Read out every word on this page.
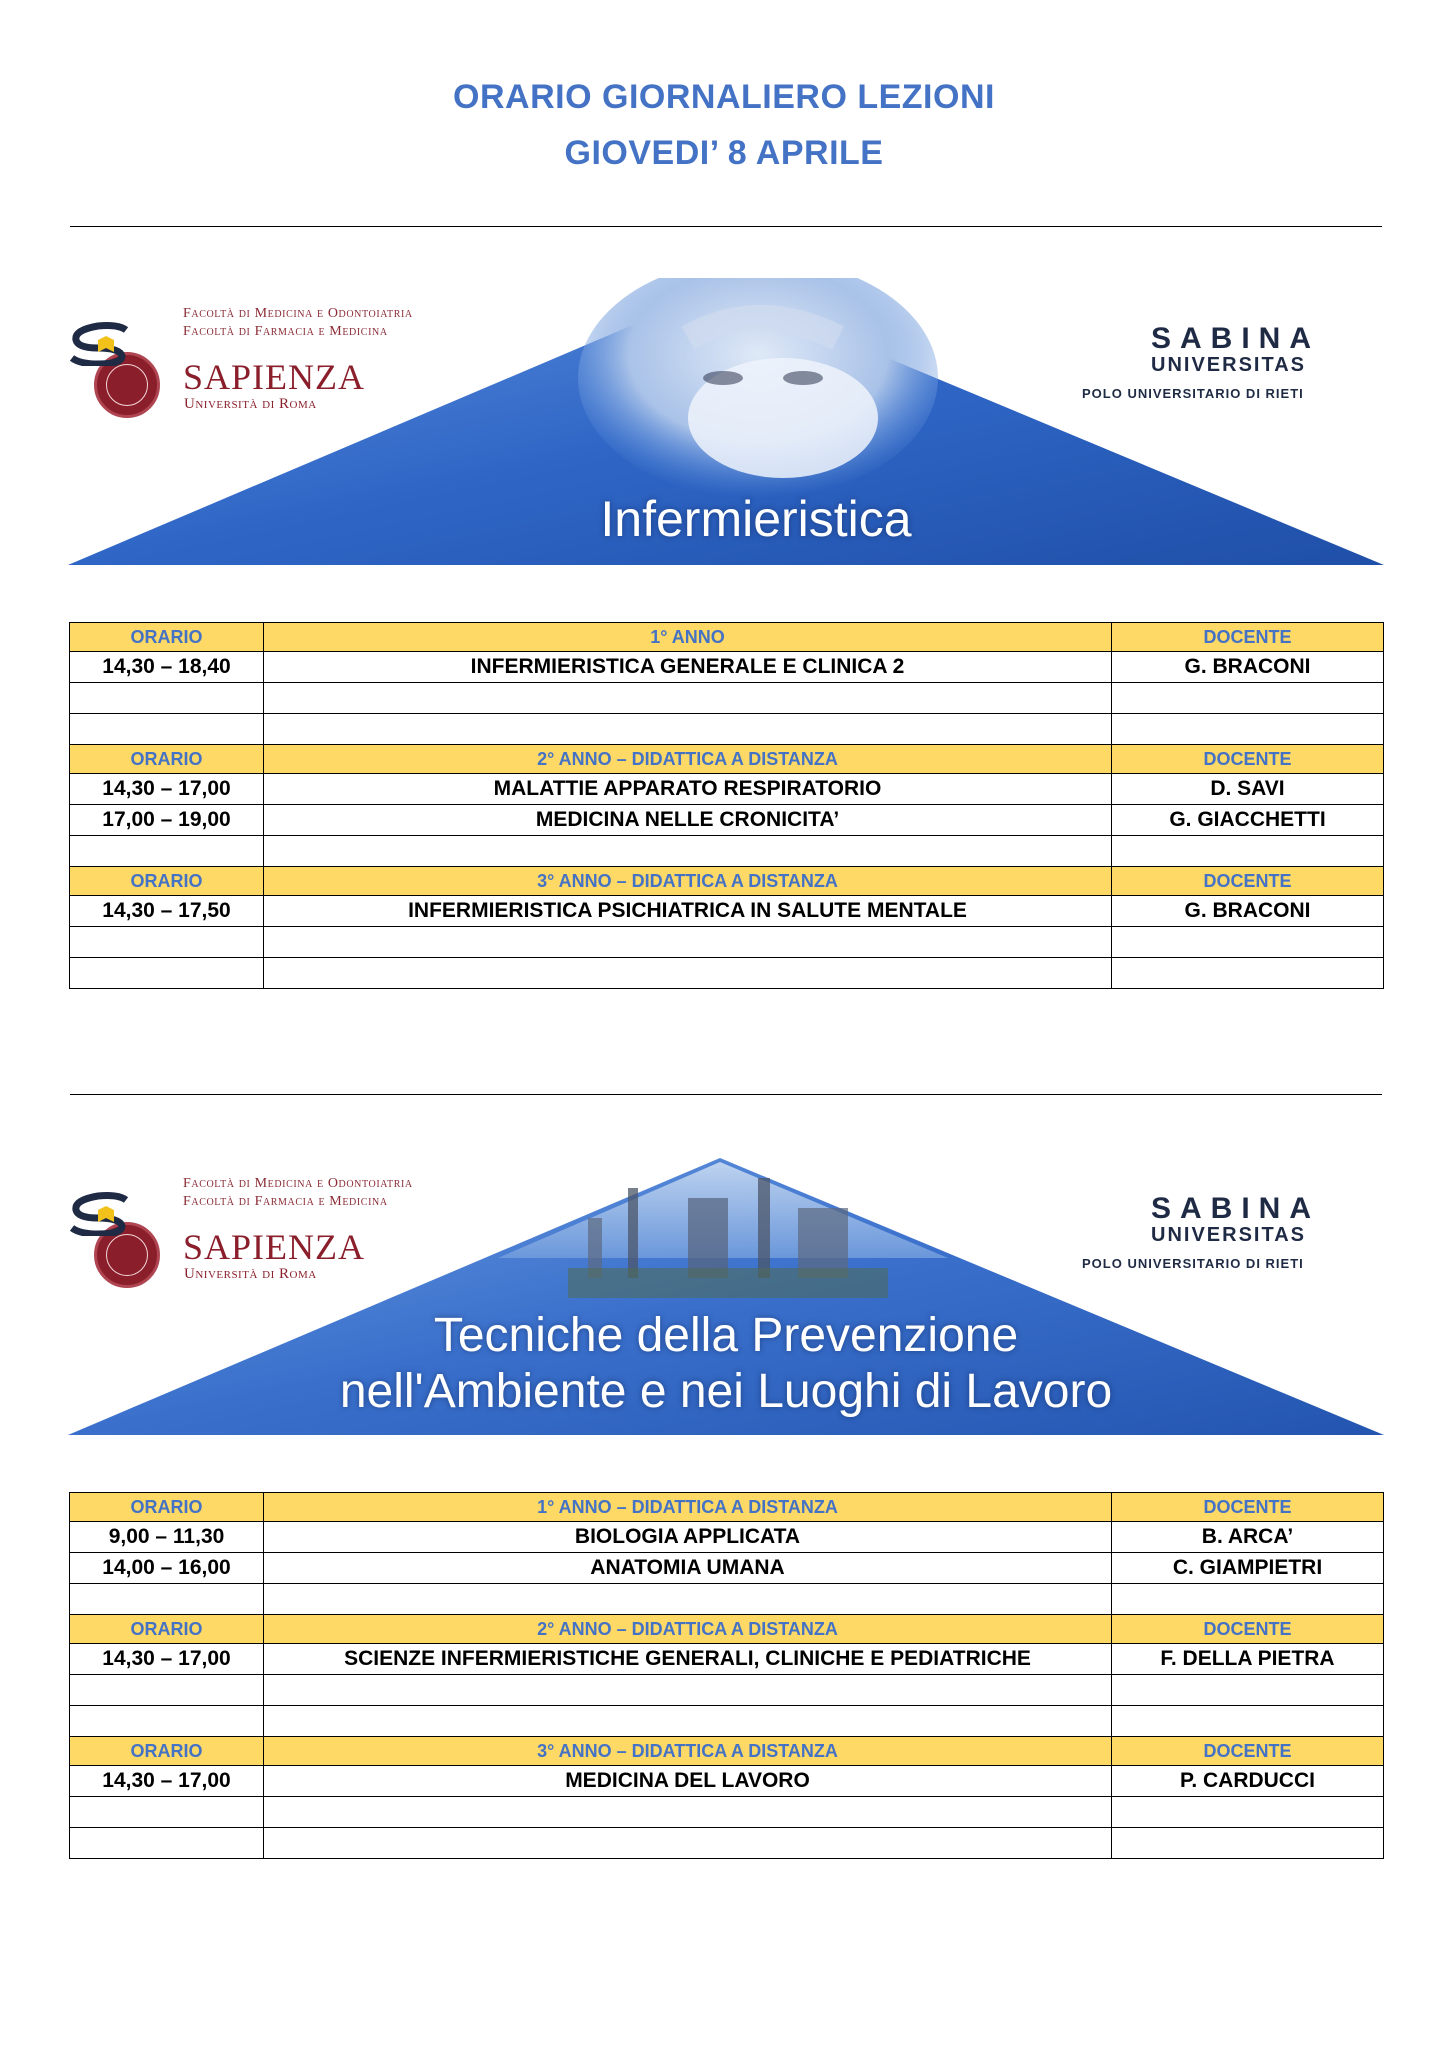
ORARIO GIORNALIERO LEZIONI
GIOVEDI’ 8 APRILE
Facoltà di Medicina e Odontoiatria
Facoltà di Farmacia e Medicina
SAPIENZA
Università di Roma
SABINA
UNIVERSITAS
POLO UNIVERSITARIO DI RIETI
Infermieristica
ORARIO	1° ANNO	DOCENTE
14,30 – 18,40	INFERMIERISTICA GENERALE E CLINICA 2	G. BRACONI

ORARIO	2° ANNO – DIDATTICA A DISTANZA	DOCENTE
14,30 – 17,00	MALATTIE APPARATO RESPIRATORIO	D. SAVI
17,00 – 19,00	MEDICINA NELLE CRONICITA’	G. GIACCHETTI

ORARIO	3° ANNO – DIDATTICA A DISTANZA	DOCENTE
14,30 – 17,50	INFERMIERISTICA PSICHIATRICA IN SALUTE MENTALE	G. BRACONI

Facoltà di Medicina e Odontoiatria
Facoltà di Farmacia e Medicina
SAPIENZA
Università di Roma
SABINA
UNIVERSITAS
POLO UNIVERSITARIO DI RIETI
Tecniche della Prevenzione
nell'Ambiente e nei Luoghi di Lavoro
ORARIO	1° ANNO – DIDATTICA A DISTANZA	DOCENTE
9,00 – 11,30	BIOLOGIA APPLICATA	B. ARCA’
14,00 – 16,00	ANATOMIA UMANA	C. GIAMPIETRI

ORARIO	2° ANNO – DIDATTICA A DISTANZA	DOCENTE
14,30 – 17,00	SCIENZE INFERMIERISTICHE GENERALI, CLINICHE E PEDIATRICHE	F. DELLA PIETRA

ORARIO	3° ANNO – DIDATTICA A DISTANZA	DOCENTE
14,30 – 17,00	MEDICINA DEL LAVORO	P. CARDUCCI
